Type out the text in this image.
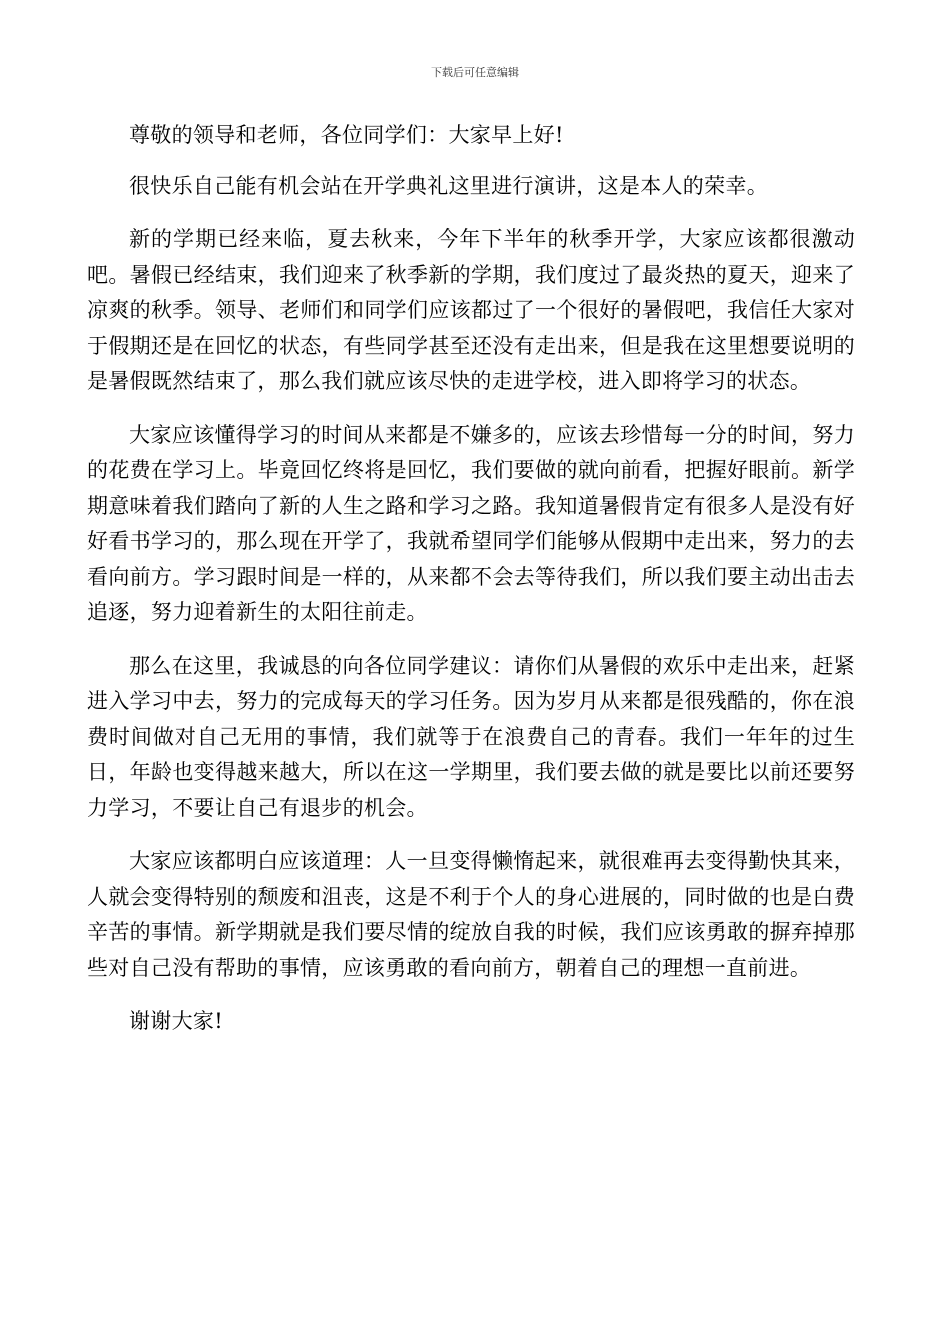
下载后可任意编辑

尊敬的领导和老师，各位同学们：大家早上好!

很快乐自己能有机会站在开学典礼这里进行演讲，这是本人的荣幸。

新的学期已经来临，夏去秋来，今年下半年的秋季开学，大家应该都很激动吧。暑假已经结束，我们迎来了秋季新的学期，我们度过了最炎热的夏天，迎来了凉爽的秋季。领导、老师们和同学们应该都过了一个很好的暑假吧，我信任大家对于假期还是在回忆的状态，有些同学甚至还没有走出来，但是我在这里想要说明的是暑假既然结束了，那么我们就应该尽快的走进学校，进入即将学习的状态。

大家应该懂得学习的时间从来都是不嫌多的，应该去珍惜每一分的时间，努力的花费在学习上。毕竟回忆终将是回忆，我们要做的就向前看，把握好眼前。新学期意味着我们踏向了新的人生之路和学习之路。我知道暑假肯定有很多人是没有好好看书学习的，那么现在开学了，我就希望同学们能够从假期中走出来，努力的去看向前方。学习跟时间是一样的，从来都不会去等待我们，所以我们要主动出击去追逐，努力迎着新生的太阳往前走。

那么在这里，我诚恳的向各位同学建议：请你们从暑假的欢乐中走出来，赶紧进入学习中去，努力的完成每天的学习任务。因为岁月从来都是很残酷的，你在浪费时间做对自己无用的事情，我们就等于在浪费自己的青春。我们一年年的过生日，年龄也变得越来越大，所以在这一学期里，我们要去做的就是要比以前还要努力学习，不要让自己有退步的机会。

大家应该都明白应该道理：人一旦变得懒惰起来，就很难再去变得勤快其来，人就会变得特别的颓废和沮丧，这是不利于个人的身心进展的，同时做的也是白费辛苦的事情。新学期就是我们要尽情的绽放自我的时候，我们应该勇敢的摒弃掉那些对自己没有帮助的事情，应该勇敢的看向前方，朝着自己的理想一直前进。

谢谢大家!
